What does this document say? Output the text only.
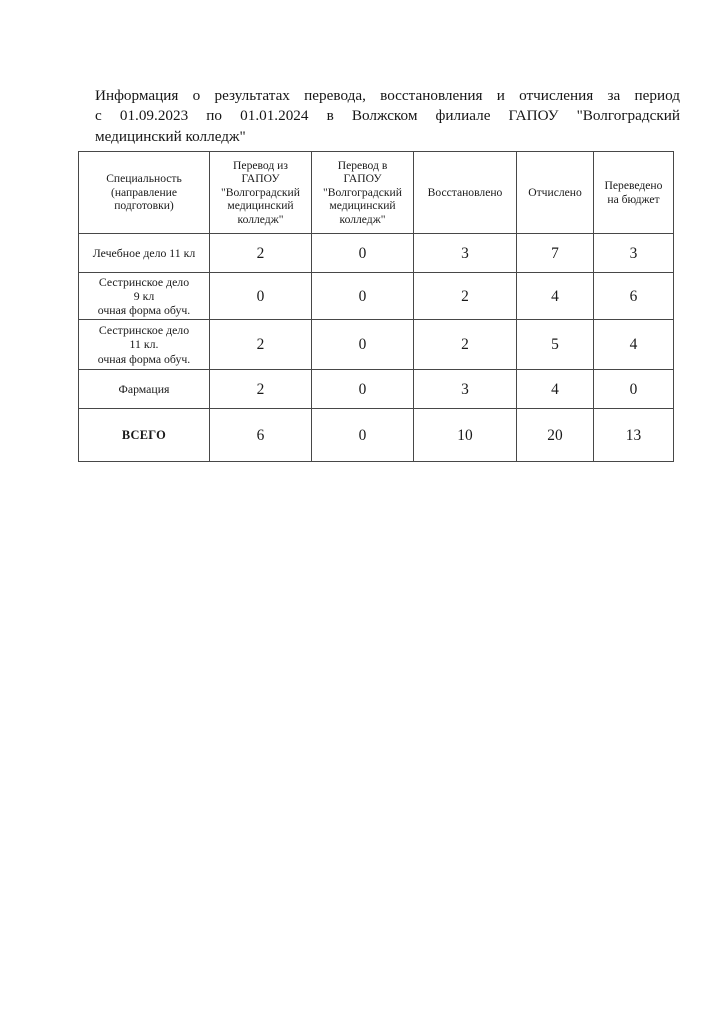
Информация о результатах перевода, восстановления и отчисления за период
с 01.09.2023 по 01.01.2024 в Волжском филиале ГАПОУ "Волгоградский
медицинский колледж"
Специальность
(направление
подготовки)	Перевод из
ГАПОУ
"Волгоградский
медицинский
колледж"	Перевод в
ГАПОУ
"Волгоградский
медицинский
колледж"	Восстановлено	Отчислено	Переведено
на бюджет

Лечебное дело 11 кл	2	0	3	7	3

Сестринское дело
9 кл
очная форма обуч.	0	0	2	4	6

Сестринское дело
11 кл.
очная форма обуч.	2	0	2	5	4

Фармация	2	0	3	4	0
ВСЕГО	6	0	10	20	13
